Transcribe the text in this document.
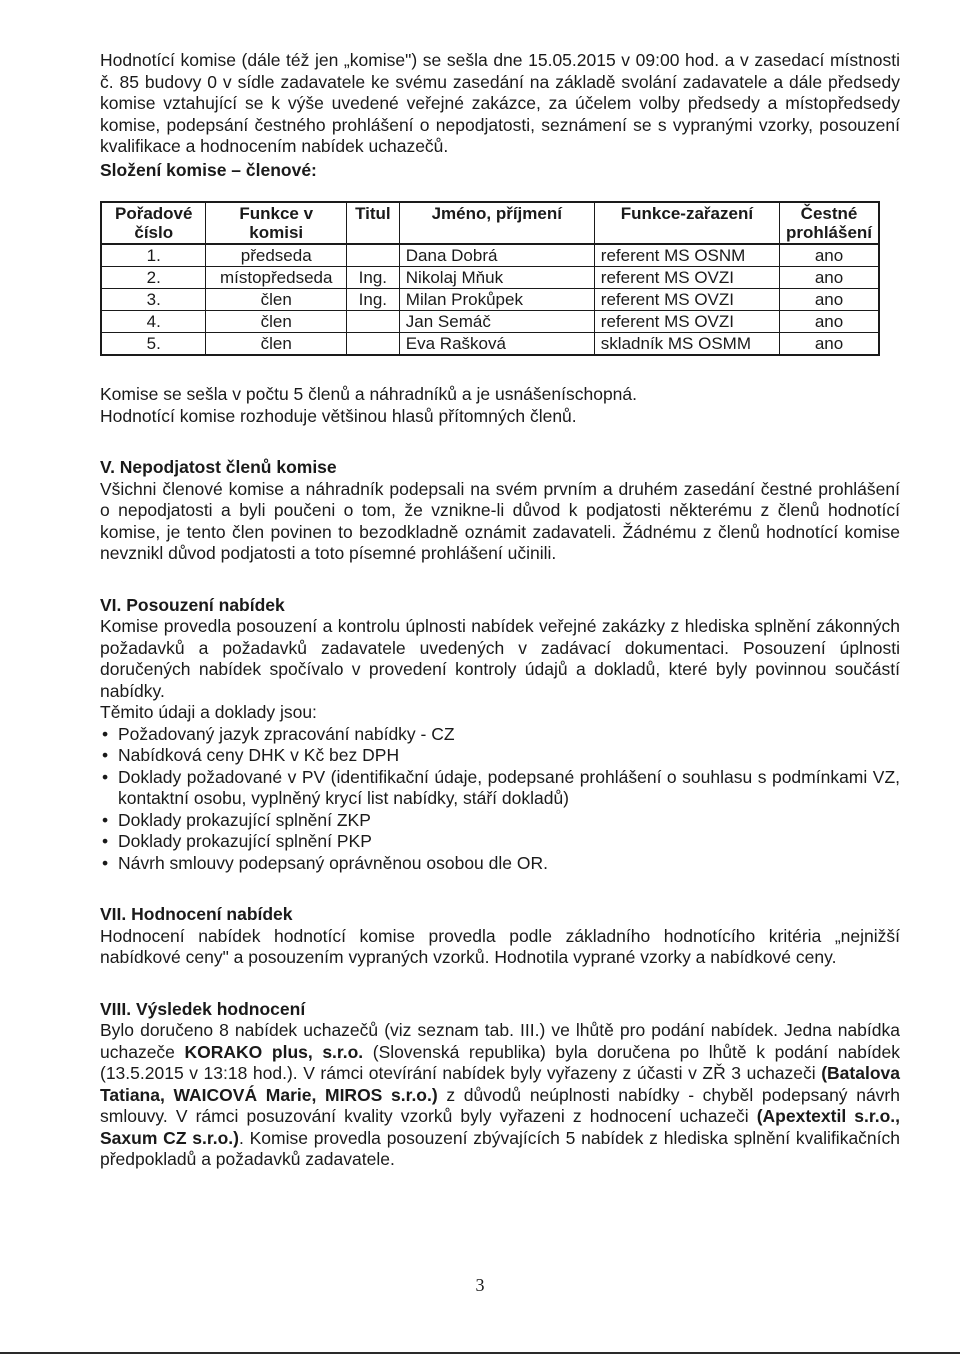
Hodnotící komise (dále též jen „komise") se sešla dne 15.05.2015 v 09:00 hod. a v zasedací místnosti č. 85 budovy 0 v sídle zadavatele ke svému zasedání na základě svolání zadavatele a dále předsedy komise vztahující se k výše uvedené veřejné zakázce, za účelem volby předsedy a místopředsedy komise, podepsání čestného prohlášení o nepodjatosti, seznámení se s vypranými vzorky, posouzení kvalifikace a hodnocením nabídek uchazečů.

Složení komise – členové:

Pořadové číslo	Funkce v komisi	Titul	Jméno, příjmení	Funkce-zařazení	Čestné prohlášení
1.	předseda		Dana Dobrá	referent MS OSNM	ano
2.	místopředseda	Ing.	Nikolaj Mňuk	referent MS OVZI	ano
3.	člen	Ing.	Milan Prokůpek	referent MS OVZI	ano
4.	člen		Jan Semáč	referent MS OVZI	ano
5.	člen		Eva Rašková	skladník MS OSMM	ano

Komise se sešla v počtu 5 členů a náhradníků a je usnášeníschopná.

Hodnotící komise rozhoduje většinou hlasů přítomných členů.

V. Nepodjatost členů komise

Všichni členové komise a náhradník podepsali na svém prvním a druhém zasedání čestné prohlášení o nepodjatosti a byli poučeni o tom, že vznikne-li důvod k podjatosti některému z členů hodnotící komise, je tento člen povinen to bezodkladně oznámit zadavateli. Žádnému z členů hodnotící komise nevznikl důvod podjatosti a toto písemné prohlášení učinili.

VI. Posouzení nabídek

Komise provedla posouzení a kontrolu úplnosti nabídek veřejné zakázky z hlediska splnění zákonných požadavků a požadavků zadavatele uvedených v zadávací dokumentaci. Posouzení úplnosti doručených nabídek spočívalo v provedení kontroly údajů a dokladů, které byly povinnou součástí nabídky.

Těmito údaji a doklady jsou:

• Požadovaný jazyk zpracování nabídky - CZ
• Nabídková ceny DHK v Kč bez DPH
• Doklady požadované v PV (identifikační údaje, podepsané prohlášení o souhlasu s podmínkami VZ, kontaktní osobu, vyplněný krycí list nabídky, stáří dokladů)
• Doklady prokazující splnění ZKP
• Doklady prokazující splnění PKP
• Návrh smlouvy podepsaný oprávněnou osobou dle OR.

VII. Hodnocení nabídek

Hodnocení nabídek hodnotící komise provedla podle základního hodnotícího kritéria „nejnižší nabídkové ceny" a posouzením vypraných vzorků. Hodnotila vyprané vzorky a nabídkové ceny.

VIII. Výsledek hodnocení

Bylo doručeno 8 nabídek uchazečů (viz seznam tab. III.) ve lhůtě pro podání nabídek. Jedna nabídka uchazeče KORAKO plus, s.r.o. (Slovenská republika) byla doručena po lhůtě k podání nabídek (13.5.2015 v 13:18 hod.). V rámci otevírání nabídek byly vyřazeny z účasti v ZŘ 3 uchazeči (Batalova Tatiana, WAICOVÁ Marie, MIROS s.r.o.) z důvodů neúplnosti nabídky - chyběl podepsaný návrh smlouvy. V rámci posuzování kvality vzorků byly vyřazeni z hodnocení uchazeči (Apextextil s.r.o., Saxum CZ s.r.o.). Komise provedla posouzení zbývajících 5 nabídek z hlediska splnění kvalifikačních předpokladů a požadavků zadavatele.

3
